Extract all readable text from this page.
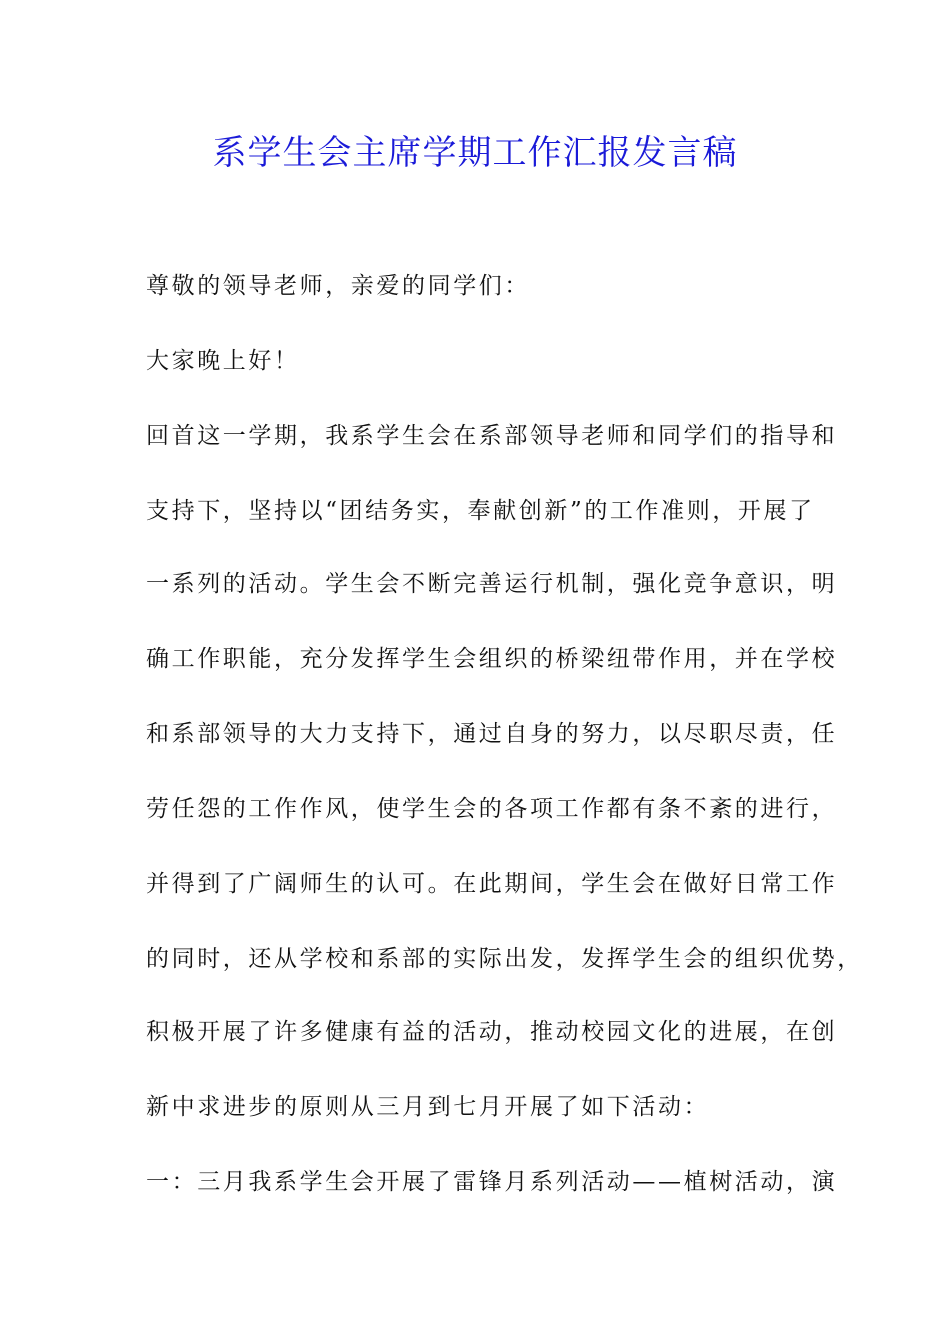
系学生会主席学期工作汇报发言稿
尊敬的领导老师，亲爱的同学们：
大家晚上好！
回首这一学期，我系学生会在系部领导老师和同学们的指导和
支持下，坚持以“团结务实，奉献创新”的工作准则，开展了
一系列的活动。学生会不断完善运行机制，强化竞争意识，明
确工作职能，充分发挥学生会组织的桥梁纽带作用，并在学校
和系部领导的大力支持下，通过自身的努力，以尽职尽责，任
劳任怨的工作作风，使学生会的各项工作都有条不紊的进行，
并得到了广阔师生的认可。在此期间，学生会在做好日常工作
的同时，还从学校和系部的实际出发，发挥学生会的组织优势，
积极开展了许多健康有益的活动，推动校园文化的进展，在创
新中求进步的原则从三月到七月开展了如下活动：
一：三月我系学生会开展了雷锋月系列活动——植树活动，演
